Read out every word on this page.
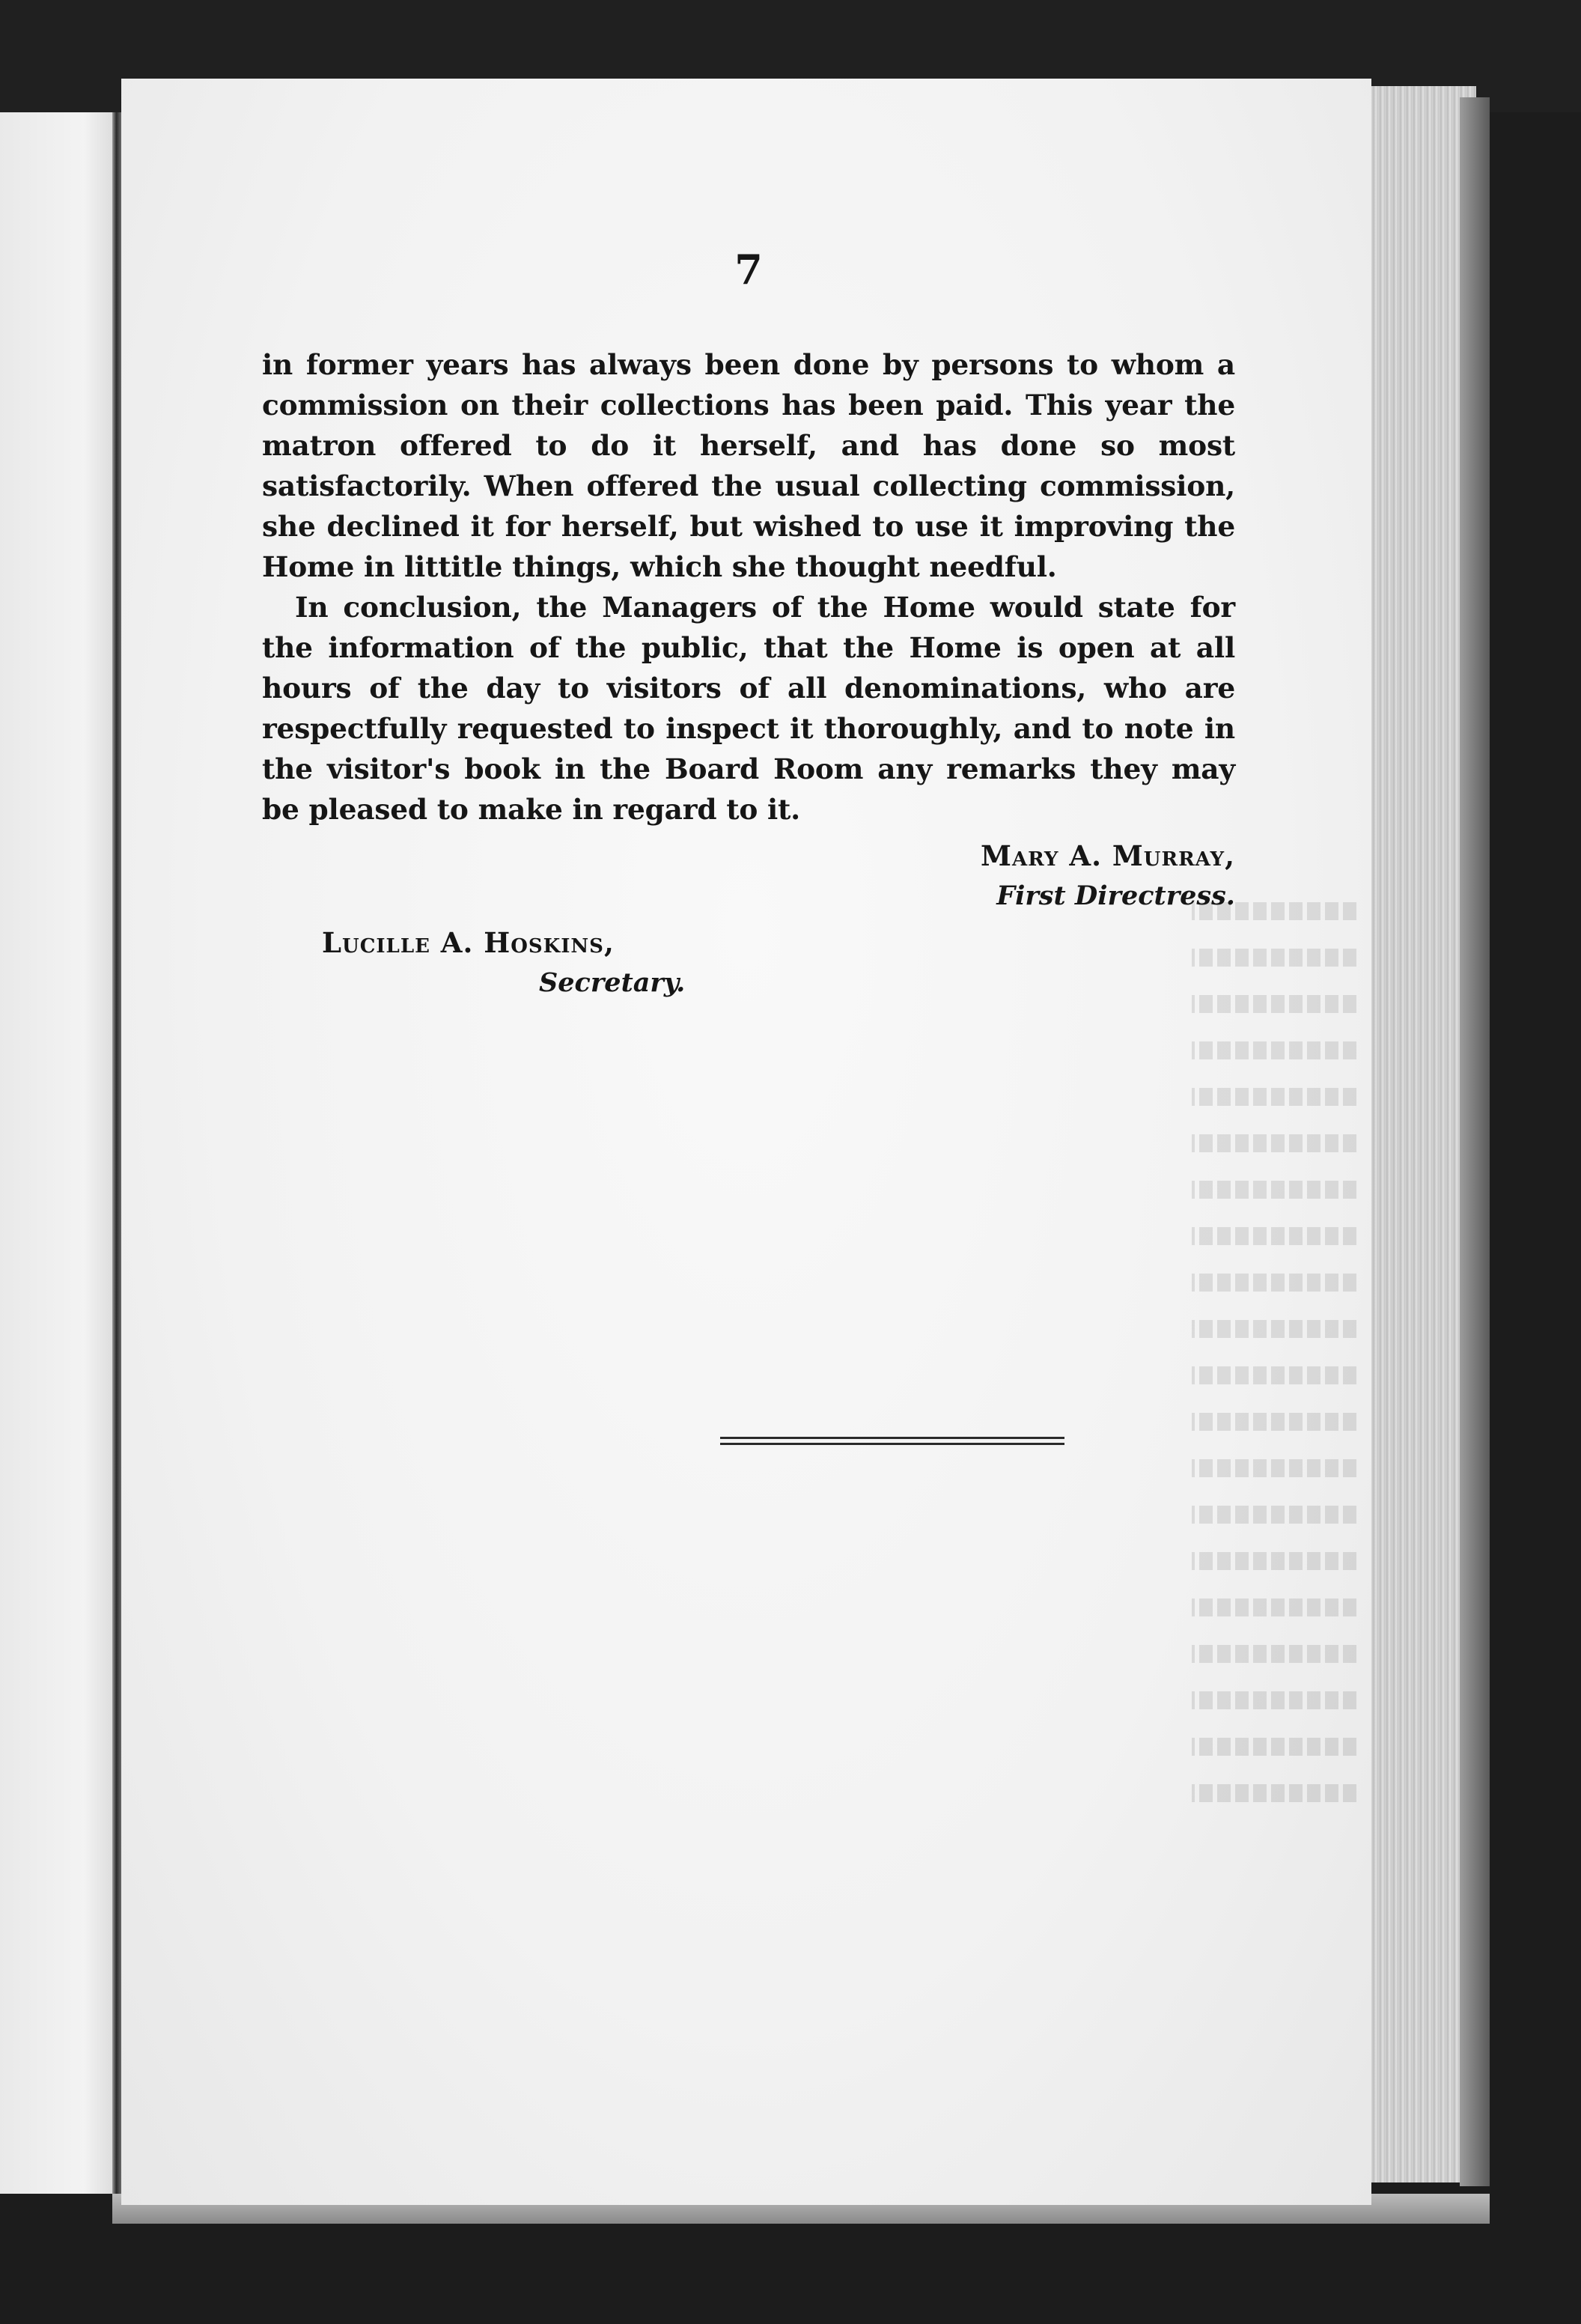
7

in former years has always been done by persons to whom a commission on their collections has been paid. This year the matron offered to do it herself, and has done so most satisfactorily. When offered the usual collecting commission, she declined it for herself, but wished to use it improving the Home in littitle things, which she thought needful.

In conclusion, the Managers of the Home would state for the information of the public, that the Home is open at all hours of the day to visitors of all denominations, who are respectfully requested to inspect it thoroughly, and to note in the visitor's book in the Board Room any remarks they may be pleased to make in regard to it.

Mary A. Murray,
First Directress.
Lucille A. Hoskins,
Secretary.
